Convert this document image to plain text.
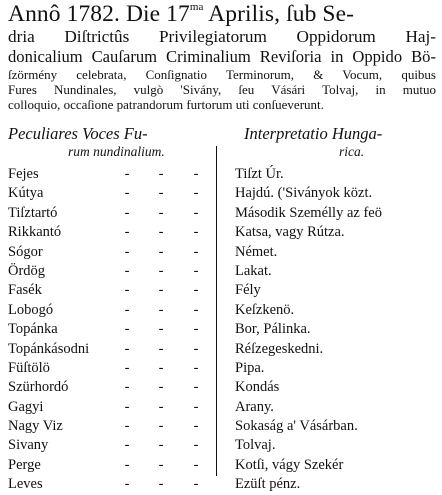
Annô 1782. Die $17^{ma}$ Aprilis, ſub Se-

dria Diſtrictûs Privilegiatorum Oppidorum Haj-

donicalium Cauſarum Criminalium Reviſoria in Oppido Bö-

ſzörmény celebrata, Conſignatio Terminorum, & Vocum, quibus

Fures Nundinales, vulgò 'Sivány, ſeu Vásári Tolvaj, in mutuo

colloquio, occaſione patrandorum furtorum uti conſueverunt.

Peculiares Voces Fu-
rum nundinalium.
Interpretatio Hunga-
rica.
Fejes	- - -	Tiſzt Úr.
Kútya	- - -	Hajdú. ('Siványok közt.
Tiſztartó	- - -	Második Személly az feö
Rikkantó	- - -	Katsa, vagy Rútza.
Sógor	- - -	Német.
Ördög	- - -	Lakat.
Fasék	- - -	Fély
Lobogó	- - -	Keſzkenö.
Topánka	- - -	Bor, Pálinka.
Topánkásodni - - -	Réſzegeskedni.
Füſtölö	- - -	Pipa.
Szürhordó	- - -	Kondás
Gagyi	- - -	Arany.
Nagy Viz	- - -	Sokaság a' Vásárban.
Sivany	- - -	Tolvaj.
Perge	- - -	Kotſi, vágy Szekér
Leves	- - -	Ezüſt pénz.
